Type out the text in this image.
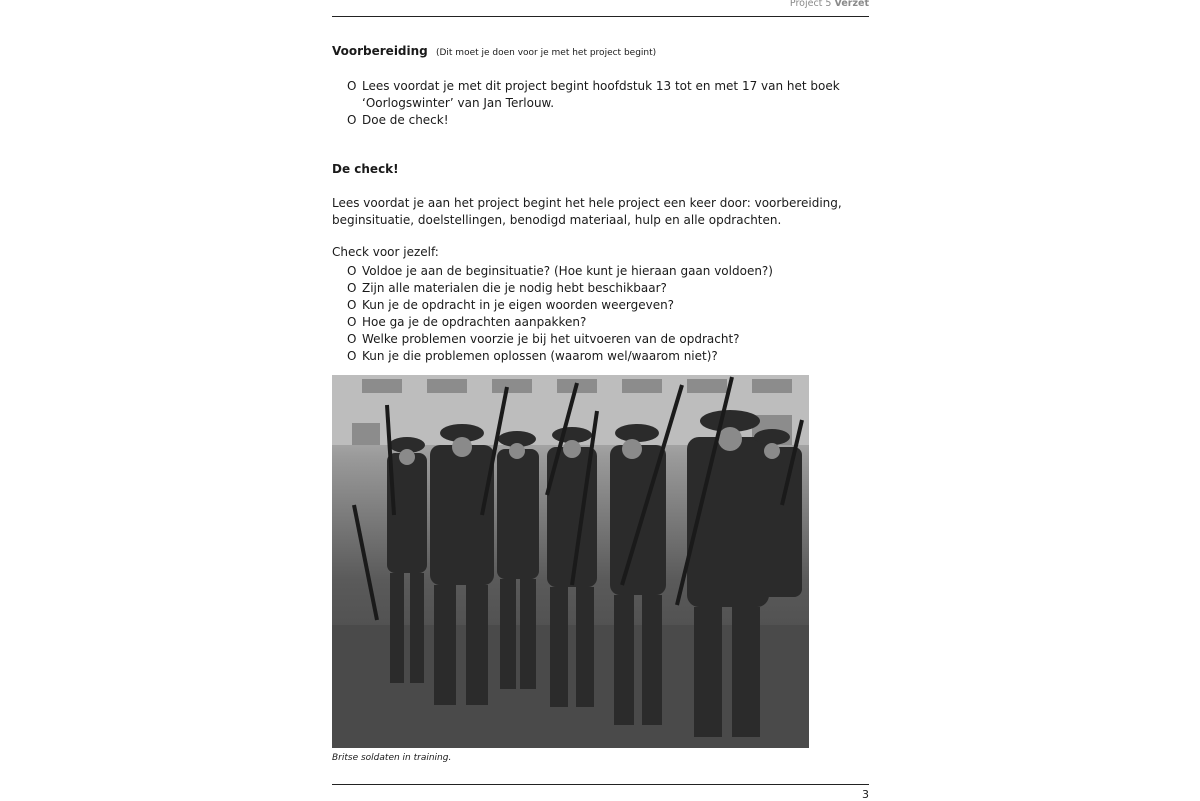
Project 5 Verzet
Voorbereiding (Dit moet je doen voor je met het project begint)
O Lees voordat je met dit project begint hoofdstuk 13 tot en met 17 van het boek
‘Oorlogswinter’ van Jan Terlouw.
O Doe de check!
De check!
Lees voordat je aan het project begint het hele project een keer door: voorbereiding,
beginsituatie, doelstellingen, benodigd materiaal, hulp en alle opdrachten.
Check voor jezelf:
O Voldoe je aan de beginsituatie? (Hoe kunt je hieraan gaan voldoen?)
O Zijn alle materialen die je nodig hebt beschikbaar?
O Kun je de opdracht in je eigen woorden weergeven?
O Hoe ga je de opdrachten aanpakken?
O Welke problemen voorzie je bij het uitvoeren van de opdracht?
O Kun je die problemen oplossen (waarom wel/waarom niet)?
Britse soldaten in training.
3
